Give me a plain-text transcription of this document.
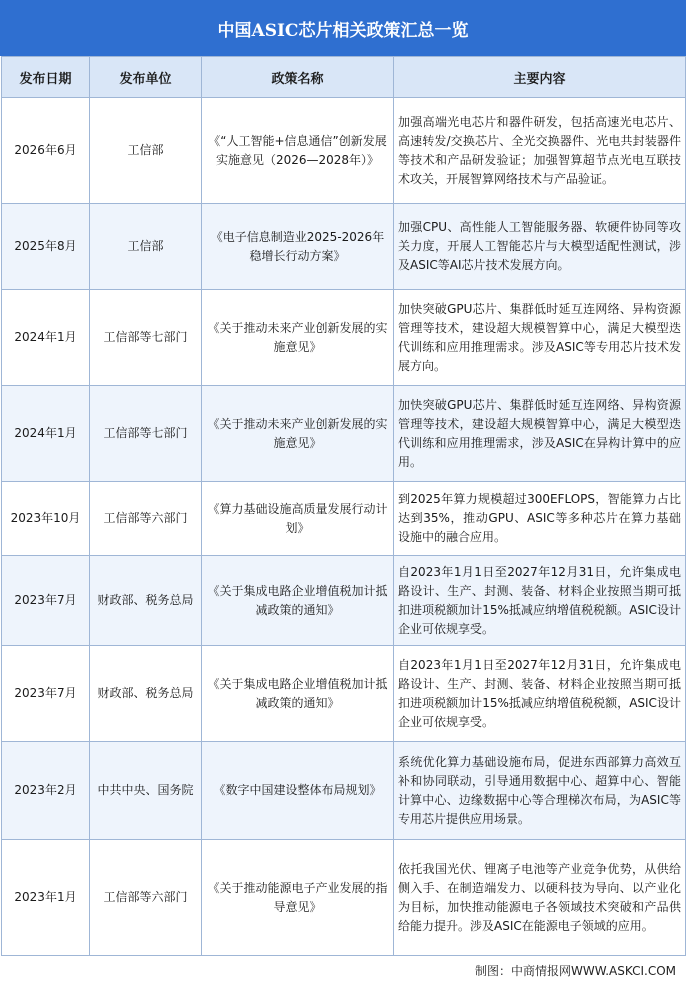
中国ASIC芯片相关政策汇总一览
发布日期	发布单位	政策名称	主要内容
2026年6月	工信部	《“人工智能+信息通信”创新发展实施意见（2026—2028年）》	加强高端光电芯片和器件研发，包括高速光电芯片、高速转发/交换芯片、全光交换器件、光电共封装器件等技术和产品研发验证；加强智算超节点光电互联技术攻关，开展智算网络技术与产品验证。
2025年8月	工信部	《电子信息制造业2025-2026年稳增长行动方案》	加强CPU、高性能人工智能服务器、软硬件协同等攻关力度，开展人工智能芯片与大模型适配性测试，涉及ASIC等AI芯片技术发展方向。
2024年1月	工信部等七部门	《关于推动未来产业创新发展的实施意见》	加快突破GPU芯片、集群低时延互连网络、异构资源管理等技术，建设超大规模智算中心，满足大模型迭代训练和应用推理需求。涉及ASIC等专用芯片技术发展方向。
2024年1月	工信部等七部门	《关于推动未来产业创新发展的实施意见》	加快突破GPU芯片、集群低时延互连网络、异构资源管理等技术，建设超大规模智算中心，满足大模型迭代训练和应用推理需求，涉及ASIC在异构计算中的应用。
2023年10月	工信部等六部门	《算力基础设施高质量发展行动计划》	到2025年算力规模超过300EFLOPS，智能算力占比达到35%，推动GPU、ASIC等多种芯片在算力基础设施中的融合应用。
2023年7月	财政部、税务总局	《关于集成电路企业增值税加计抵减政策的通知》	自2023年1月1日至2027年12月31日，允许集成电路设计、生产、封测、装备、材料企业按照当期可抵扣进项税额加计15%抵减应纳增值税税额。ASIC设计企业可依规享受。
2023年7月	财政部、税务总局	《关于集成电路企业增值税加计抵减政策的通知》	自2023年1月1日至2027年12月31日，允许集成电路设计、生产、封测、装备、材料企业按照当期可抵扣进项税额加计15%抵减应纳增值税税额，ASIC设计企业可依规享受。
2023年2月	中共中央、国务院	《数字中国建设整体布局规划》	系统优化算力基础设施布局，促进东西部算力高效互补和协同联动，引导通用数据中心、超算中心、智能计算中心、边缘数据中心等合理梯次布局，为ASIC等专用芯片提供应用场景。
2023年1月	工信部等六部门	《关于推动能源电子产业发展的指导意见》	依托我国光伏、锂离子电池等产业竞争优势，从供给侧入手、在制造端发力、以硬科技为导向、以产业化为目标，加快推动能源电子各领域技术突破和产品供给能力提升。涉及ASIC在能源电子领域的应用。
制图：中商情报网WWW.ASKCI.COM
